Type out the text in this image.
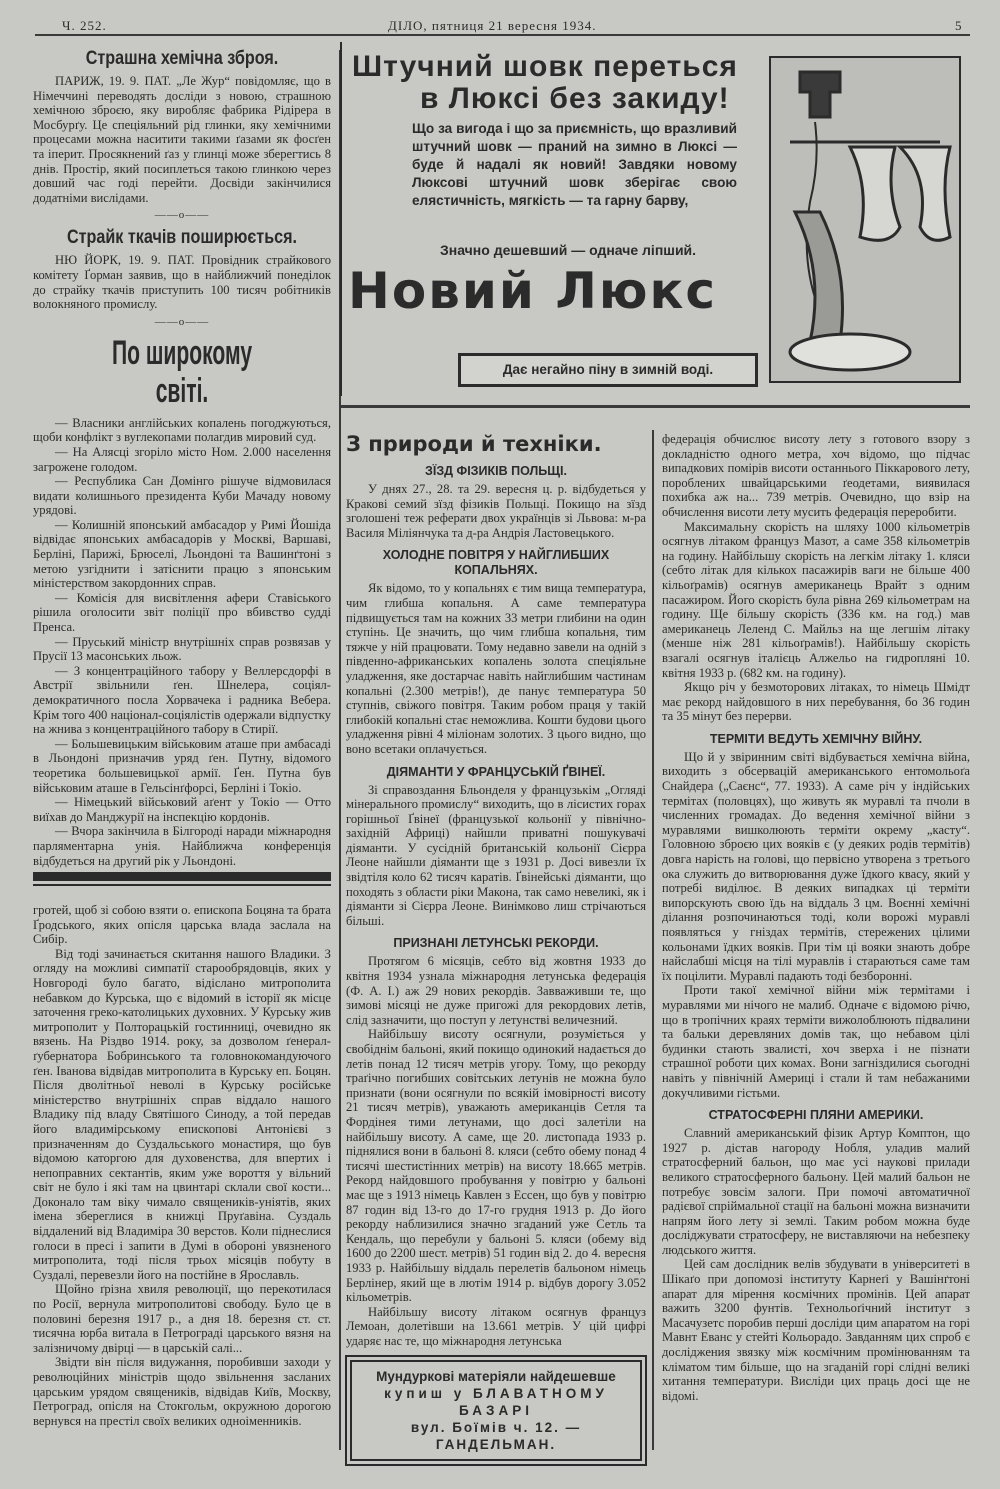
Ч. 252.	ДІЛО, пятниця 21 вересня 1934.	5
Страшна хемічна зброя.

ПАРИЖ, 19. 9. ПАТ. „Ле Жур“ повідомляє, що в Німеччині переводять досліди з новою, страшною хемічною зброєю, яку виробляє фабрика Рідірера в Мосбурґу. Це спеціяльний рід глинки, яку хемічними процесами можна наситити такими ґазами як фосґен та іперит. Просякнений ґаз у глинці може зберегтись 8 днів. Простір, який посиплеться такою глинкою через довший час годі перейти. Досвіди закінчилися додатніми вислідами.

——o——
Страйк ткачів поширюється.

НЮ ЙОРК, 19. 9. ПАТ. Провідник страйкового комітету Ґорман заявив, що в найближчий понеділок до страйку ткачів приступить 100 тисяч робітників волокняного промислу.

——o——
По широкому світі.

— Власники англійських копалень погоджуються, щоби конфлікт з вуглекопами полагдив мировий суд.

— На Алясці згоріло місто Ном. 2.000 населення загрожене голодом.

— Республика Сан Домінго рішуче відмовилася видати колишнього президента Куби Мачаду новому урядові.

— Колишній японський амбасадор у Римі Йошіда відвідає японських амбасадорів у Москві, Варшаві, Берліні, Парижі, Брюселі, Льондоні та Вашинґтоні з метою узгіднити і затіснити працю з японським міністерством закордонних справ.

— Комісія для висвітлення афери Ставіського рішила оголосити звіт поліції про вбивство судді Пренса.

— Пруський міністр внутрішніх справ розвязав у Прусії 13 масонських льож.

— З концентраційного табору у Веллерсдорфі в Австрії звільнили ґен. Шнелера, соціял-демократичного посла Хорвачека і радника Вебера. Крім того 400 націонал-соціялістів одержали відпустку на жнива з концентраційного табору в Стирії.

— Большевицьким військовим аташе при амбасаді в Льондоні призначив уряд ґен. Путну, відомого теоретика большевицької армії. Ґен. Путна був військовим аташе в Гельсінґфорсі, Берліні і Токіо.

— Німецький військовий аґент у Токіо — Отто виїхав до Манджурії на інспекцію кордонів.

— Вчора закінчила в Білгороді наради міжнародня парляментарна унія. Найближча конференція відбудеться на другий рік у Льондоні.

гротей, щоб зі собою взяти о. епископа Боцяна та брата Ґродського, яких опісля царська влада заслала на Сибір.

Від тоді зачинається скитання нашого Владики. З огляду на можливі симпатії старообрядовців, яких у Новгороді було багато, відіслано митрополита небавком до Курська, що є відомий в історії як місце заточення греко-католицьких духовних. У Курську жив митрополит у Полторацькій гостинниці, очевидно як вязень. На Різдво 1914. року, за дозволом ґенерал-ґубернатора Бобринського та головнокомандуючого ґен. Іванова відвідав митрополита в Курську еп. Боцян. Після дволітньої неволі в Курську російське міністерство внутрішніх справ віддало нашого Владику під владу Святішого Синоду, а той передав його владимірському епископові Антонієві з призначенням до Суздальського монастиря, що був відомою каторгою для духовенства, для впертих і непоправних сектантів, яким уже вороття у вільний світ не було і які там на цвинтарі склали свої кости... Доконало там віку чимало священиків-уніятів, яких імена збереглися в книжці Пруґавіна. Суздаль віддалений від Владиміра 30 верстов. Коли піднеслися голоси в пресі і запити в Думі в обороні увязненого митрополита, тоді після трьох місяців побуту в Суздалі, перевезли його на постійне в Ярославль.

Щойно ґрізна хвиля революції, що перекотилася по Росії, вернула митрополитові свободу. Було це в половині березня 1917 р., а дня 18. березня ст. ст. тисячна юрба витала в Петрограді царського вязня на залізничому двірці — в царській салі...

Звідти він після видужання, поробивши заходи у революційних міністрів щодо звільнення засланих царським урядом священиків, відвідав Київ, Москву, Петроград, опісля на Стокгольм, окружною дорогою вернувся на престіл своїх великих одноіменників.

Штучний шовк переться
в Люксі без закиду!
Що за вигода і що за приємність, що вразливий штучний шовк — праний на зимно в Люксі — буде й надалі як новий! Завдяки новому Люксові штучний шовк зберігає свою елястичність, мягкість — та гарну барву,
Значно дешевший — одначе ліпший.
Новий Люкс
Дає негайно піну в зимній воді.
З природи й техніки.
ЗЇЗД ФІЗИКІВ ПОЛЬЩІ.

У днях 27., 28. та 29. вересня ц. р. відбудеться у Кракові семий зїзд фізиків Польщі. Покищо на зїзд зголошені теж реферати двох українців зі Львова: м-ра Василя Міліянчука та д-ра Андрія Ластовецького.

ХОЛОДНЕ ПОВІТРЯ У НАЙГЛИБШИХ КОПАЛЬНЯХ.

Як відомо, то у копальнях є тим вища температура, чим глибша копальня. А саме температура підвищується там на кожних 33 метри глибини на один ступінь. Це значить, що чим глибша копальня, тим тяжче у ній працювати. Тому недавно завели на одній з південно-африканських копалень золота спеціяльне уладження, яке достарчає навіть найглибшим частинам копальні (2.300 метрів!), де панує температура 50 ступнів, свіжого повітря. Таким робом праця у такій глибокій копальні стає неможлива. Кошти будови цього уладження рівні 4 міліонам золотих. З цього видно, що воно всетаки оплачується.

ДІЯМАНТИ У ФРАНЦУСЬКІЙ ҐВІНЕЇ.

Зі справоздання Бльонделя у французькім „Огляді мінерального промислу“ виходить, що в лісистих горах горішньої Ґвінеї (французької кольонії у північно-західній Африці) найшли приватні пошукувачі діяманти. У сусідній британській кольонії Сієрра Леоне найшли діяманти ще з 1931 р. Досі вивезли їх звідтіля коло 62 тисяч каратів. Ґвінейські діяманти, що походять з области ріки Макона, так само невеликі, як і діяманти зі Сієрра Леоне. Винімково лиш стрічаються більші.

ПРИЗНАНІ ЛЕТУНСЬКІ РЕКОРДИ.

Протягом 6 місяців, себто від жовтня 1933 до квітня 1934 узнала міжнародня летунська федерація (Ф. А. І.) аж 29 нових рекордів. Завваживши те, що зимові місяці не дуже пригожі для рекордових летів, слід зазначити, що поступ у летунстві величезний.

Найбільшу висоту осягнули, розуміється у свобіднім бальоні, який покищо одинокий надається до летів понад 12 тисяч метрів угору. Тому, що рекорду траґічно погибших совітських летунів не можна було признати (вони осягнули по всякій імовірності висоту 21 тисяч метрів), уважають американців Сетля та Фордінея тими летунами, що досі залетіли на найбільшу висоту. А саме, ще 20. листопада 1933 р. піднялися вони в бальоні 8. кляси (себто обему понад 4 тисячі шестистінних метрів) на висоту 18.665 метрів. Рекорд найдовшого пробування у повітрю у бальоні має ще з 1913 німець Кавлен з Ессен, що був у повітрю 87 годин від 13-го до 17-го грудня 1913 р. До його рекорду наблизилися значно згаданий уже Сетль та Кендаль, що перебули у бальоні 5. кляси (обему від 1600 до 2200 шест. метрів) 51 годин від 2. до 4. вересня 1933 р. Найбільшу віддаль перелетів бальоном німець Берлінер, який ще в лютім 1914 р. відбув дорогу 3.052 кільометрів.

Найбільшу висоту літаком осягнув француз Лемоан, долетівши на 13.661 метрів. У цій цифрі ударяє нас те, що міжнародня летунська

Мундуркові матеріяли найдешевше
купиш у БЛАВАТНОМУ БАЗАРІ
вул. Боїмів ч. 12. — ГАНДЕЛЬМАН.

федерація обчислює висоту лету з готового взору з докладністю одного метра, хоч відомо, що підчас випадкових помірів висоти останнього Піккарового лету, пороблених швайцарськими ґеодетами, виявилася похибка аж на... 739 метрів. Очевидно, що взір на обчислення висоти лету мусить федерація переробити.

Максимальну скорість на шляху 1000 кільометрів осягнув літаком француз Мазот, а саме 358 кільометрів на годину. Найбільшу скорість на легкім літаку 1. кляси (себто літак для кількох пасажирів ваги не більше 400 кільоґрамів) осягнув американець Врайт з одним пасажиром. Його скорість була рівна 269 кільометрам на годину. Ще більшу скорість (336 км. на год.) мав американець Леленд С. Майльз на ще легшім літаку (менше ніж 281 кільоґрамів!). Найбільшу скорість взагалі осягнув італієць Алжельо на гидропляні 10. квітня 1933 р. (682 км. на годину).

Якщо річ у безмоторових літаках, то німець Шмідт має рекорд найдовшого в них перебування, бо 36 годин та 35 мінут без перерви.

ТЕРМІТИ ВЕДУТЬ ХЕМІЧНУ ВІЙНУ.

Що й у звіринним світі відбувається хемічна війна, виходить з обсервацій американського ентомольоґа Снайдера („Саєнс“, 77. 1933). А саме річ у індійських термітах (половцях), що живуть як муравлі та пчоли в численних громадах. До ведення хемічної війни з муравлями вишколюють терміти окрему „касту“. Головною зброєю цих вояків є (у деяких родів термітів) довга нарість на голові, що первісно утворена з третього ока служить до витворювання дуже їдкого квасу, який у потребі виділює. В деяких випадках ці терміти випорскують свою їдь на віддаль 3 цм. Воєнні хемічні ділання розпочинаються тоді, коли ворожі муравлі появляться у гніздах термітів, стережених цілими кольонами їдких вояків. При тім ці вояки знають добре найслабші місця на тілі муравлів і стараються саме там їх поцілити. Муравлі падають тоді безборонні.

Проти такої хемічної війни між термітами і муравлями ми нічого не малиб. Одначе є відомою річю, що в тропічних краях терміти вижолоблюють підвалини та бальки деревляних домів так, що небавом цілі будинки стають звалисті, хоч зверха і не пізнати страшної роботи цих комах. Вони загніздилися сьогодні навіть у північній Америці і стали й там небажаними докучливими гістьми.

СТРАТОСФЕРНІ ПЛЯНИ АМЕРИКИ.

Славний американський фізик Артур Комптон, що 1927 р. дістав нагороду Нобля, уладив малий стратосферний бальон, що має усі наукові прилади великого стратосферного бальону. Цей малий бальон не потребує зовсім залоги. При помочі автоматичної радієвої спріймальної стації на бальоні можна визначити напрям його лету зі землі. Таким робом можна буде досліджувати стратосферу, не виставляючи на небезпеку людського життя.

Цей сам дослідник велів збудувати в університеті в Шікаґо при допомозі інституту Карнеґі у Вашінґтоні апарат для мірення космічних промінів. Цей апарат важить 3200 фунтів. Технольоґічний інститут з Масачузетс поробив перші досліди цим апаратом на горі Мавнт Еванс у стейті Кольорадо. Завданням цих спроб є досліджения звязку між космічним промінюванням та кліматом тим більше, що на згаданій горі слідні великі хитання температури. Висліди цих праць досі ще не відомі.
